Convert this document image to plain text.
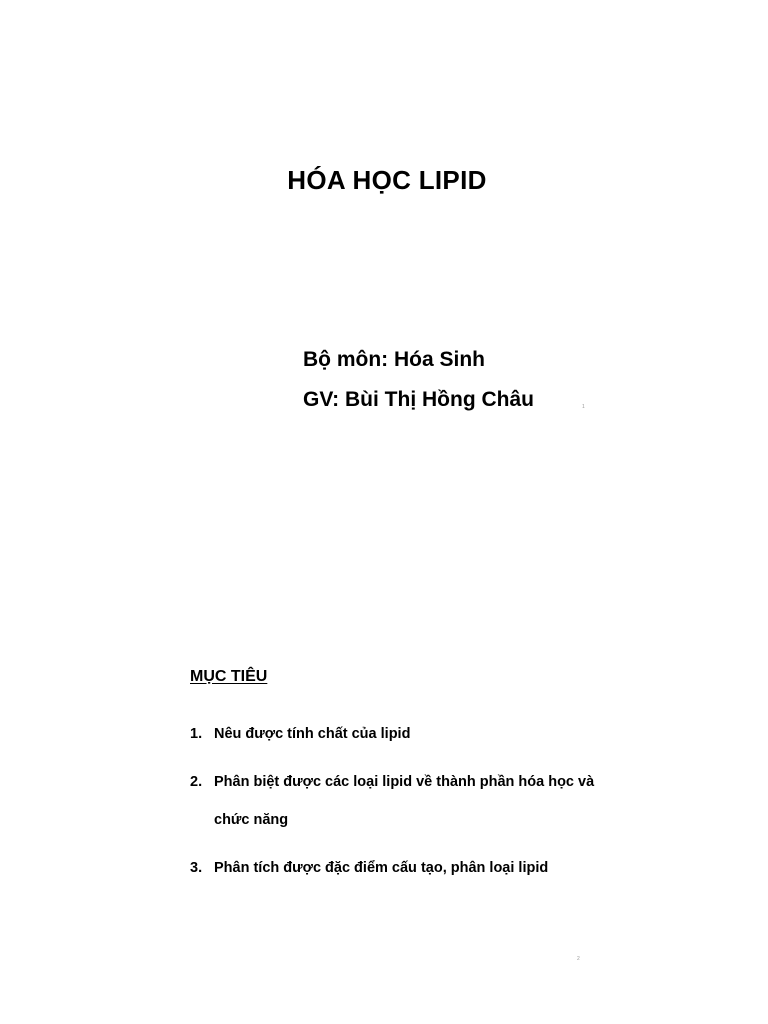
HÓA HỌC LIPID
Bộ môn: Hóa Sinh
GV: Bùi Thị Hồng Châu	1
MỤC TIÊU
1. Nêu được tính chất của lipid
2. Phân biệt được các loại lipid về thành phần hóa học và chức năng
3. Phân tích được đặc điểm cấu tạo, phân loại lipid
2
